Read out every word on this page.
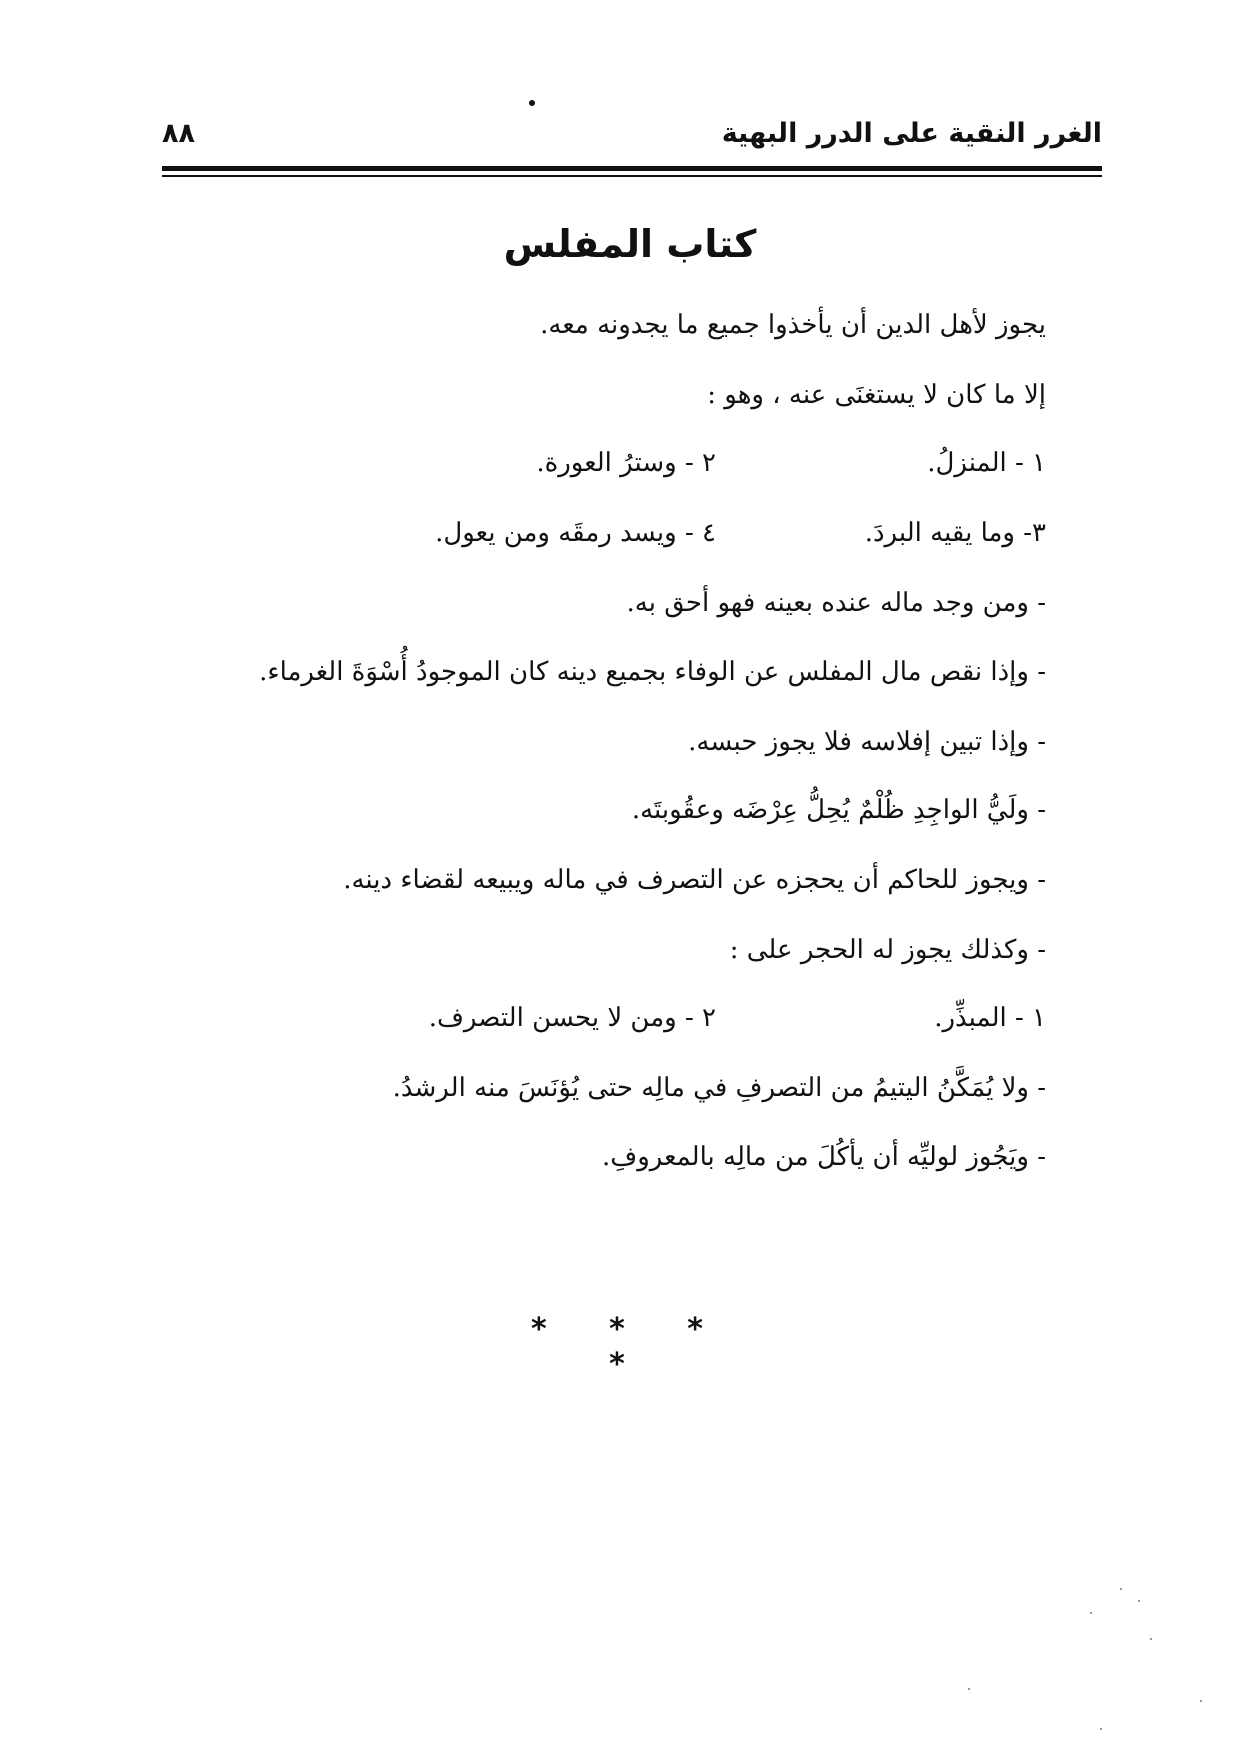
الغرر النقية على الدرر البهية
٨٨
كتاب المفلس
يجوز لأهل الدين أن يأخذوا جميع ما يجدونه معه.
إلا ما كان لا يستغنَى عنه ، وهو :
١ - المنزلُ.
٢ - وسترُ العورة.
٣- وما يقيه البردَ.
٤ - ويسد رمقَه ومن يعول.
- ومن وجد ماله عنده بعينه فهو أحق به.
- وإذا نقص مال المفلس عن الوفاء بجميع دينه كان الموجودُ أُسْوَةَ الغرماء.
- وإذا تبين إفلاسه فلا يجوز حبسه.
- ولَيُّ الواجِدِ ظُلْمٌ يُحِلُّ عِرْضَه وعقُوبتَه.
- ويجوز للحاكم أن يحجزه عن التصرف في ماله ويبيعه لقضاء دينه.
- وكذلك يجوز له الحجر على :
١ - المبذِّر.
٢ - ومن لا يحسن التصرف.
- ولا يُمَكَّنُ اليتيمُ من التصرفِ في مالِه حتى يُؤنَسَ منه الرشدُ.
- ويَجُوز لوليِّه أن يأكُلَ من مالِه بالمعروفِ.
* * * *
